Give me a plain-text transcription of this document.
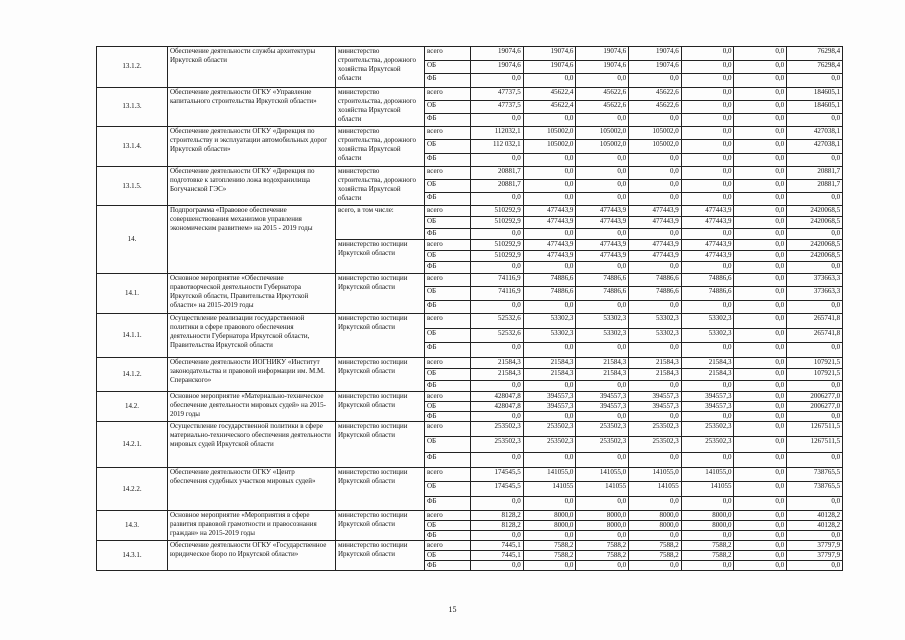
13.1.2.	Обеспечение деятельности службы архитектуры Иркутской области	министерство строительства, дорожного хозяйства Иркутской области	всего	19074,6	19074,6	19074,6	19074,6	0,0	0,0	76298,4
			ОБ	19074,6	19074,6	19074,6	19074,6	0,0	0,0	76298,4
			ФБ	0,0	0,0	0,0	0,0	0,0	0,0	0,0
13.1.3.	Обеспечение деятельности ОГКУ «Управление капитального строительства Иркутской области»	министерство строительства, дорожного хозяйства Иркутской области	всего	47737,5	45622,4	45622,6	45622,6	0,0	0,0	184605,1
			ОБ	47737,5	45622,4	45622,6	45622,6	0,0	0,0	184605,1
			ФБ	0,0	0,0	0,0	0,0	0,0	0,0	0,0
13.1.4.	Обеспечение деятельности ОГКУ «Дирекция по строительству и эксплуатации автомобильных дорог Иркутской области»	министерство строительства, дорожного хозяйства Иркутской области	всего	112032,1	105002,0	105002,0	105002,0	0,0	0,0	427038,1
			ОБ	112 032,1	105002,0	105002,0	105002,0	0,0	0,0	427038,1
			ФБ	0,0	0,0	0,0	0,0	0,0	0,0	0,0
13.1.5.	Обеспечение деятельности ОГКУ «Дирекция по подготовке к затоплению ложа водохранилища Богучанской ГЭС»	министерство строительства, дорожного хозяйства Иркутской области	всего	20881,7	0,0	0,0	0,0	0,0	0,0	20881,7
			ОБ	20881,7	0,0	0,0	0,0	0,0	0,0	20881,7
			ФБ	0,0	0,0	0,0	0,0	0,0	0,0	0,0
14.	Подпрограмма «Правовое обеспечение совершенствования механизмов управления экономическим развитием» на 2015 - 2019 годы	всего, в том числе:	всего	510292,9	477443,9	477443,9	477443,9	477443,9	0,0	2420068,5
			ОБ	510292,9	477443,9	477443,9	477443,9	477443,9	0,0	2420068,5
			ФБ	0,0	0,0	0,0	0,0	0,0	0,0	0,0
		министерство юстиции Иркутской области	всего	510292,9	477443,9	477443,9	477443,9	477443,9	0,0	2420068,5
			ОБ	510292,9	477443,9	477443,9	477443,9	477443,9	0,0	2420068,5
			ФБ	0,0	0,0	0,0	0,0	0,0	0,0	0,0
14.1.	Основное мероприятие «Обеспечение правотворческой деятельности Губернатора Иркутской области, Правительства Иркутской области» на 2015-2019 годы	министерство юстиции Иркутской области	всего	74116,9	74886,6	74886,6	74886,6	74886,6	0,0	373663,3
			ОБ	74116,9	74886,6	74886,6	74886,6	74886,6	0,0	373663,3
			ФБ	0,0	0,0	0,0	0,0	0,0	0,0	0,0
14.1.1.	Осуществление реализации государственной политики в сфере правового обеспечения деятельности Губернатора Иркутской области, Правительства Иркутской области	министерство юстиции Иркутской области	всего	52532,6	53302,3	53302,3	53302,3	53302,3	0,0	265741,8
			ОБ	52532,6	53302,3	53302,3	53302,3	53302,3	0,0	265741,8
			ФБ	0,0	0,0	0,0	0,0	0,0	0,0	0,0
14.1.2.	Обеспечение деятельности ИОГНИКУ «Институт законодательства и правовой информации им. М.М. Сперанского»	министерство юстиции Иркутской области	всего	21584,3	21584,3	21584,3	21584,3	21584,3	0,0	107921,5
			ОБ	21584,3	21584,3	21584,3	21584,3	21584,3	0,0	107921,5
			ФБ	0,0	0,0	0,0	0,0	0,0	0,0	0,0
14.2.	Основное мероприятие «Материально-техническое обеспечение деятельности мировых судей» на 2015-2019 годы	министерство юстиции Иркутской области	всего	428047,8	394557,3	394557,3	394557,3	394557,3	0,0	2006277,0
			ОБ	428047,8	394557,3	394557,3	394557,3	394557,3	0,0	2006277,0
			ФБ	0,0	0,0	0,0	0,0	0,0	0,0	0,0
14.2.1.	Осуществление государственной политики в сфере материально-технического обеспечения деятельности мировых судей Иркутской области	министерство юстиции Иркутской области	всего	253502,3	253502,3	253502,3	253502,3	253502,3	0,0	1267511,5
			ОБ	253502,3	253502,3	253502,3	253502,3	253502,3	0,0	1267511,5
			ФБ	0,0	0,0	0,0	0,0	0,0	0,0	0,0
14.2.2.	Обеспечение деятельности ОГКУ «Центр обеспечения судебных участков мировых судей»	министерство юстиции Иркутской области	всего	174545,5	141055,0	141055,0	141055,0	141055,0	0,0	738765,5
			ОБ	174545,5	141055	141055	141055	141055	0,0	738765,5
			ФБ	0,0	0,0	0,0	0,0	0,0	0,0	0,0
14.3.	Основное мероприятие «Мероприятия в сфере развития правовой грамотности и правосознания граждан» на 2015-2019 годы	министерство юстиции Иркутской области	всего	8128,2	8000,0	8000,0	8000,0	8000,0	0,0	40128,2
			ОБ	8128,2	8000,0	8000,0	8000,0	8000,0	0,0	40128,2
			ФБ	0,0	0,0	0,0	0,0	0,0	0,0	0,0
14.3.1.	Обеспечение деятельности ОГКУ «Государственное юридическое бюро по Иркутской области»	министерство юстиции Иркутской области	всего	7445,1	7588,2	7588,2	7588,2	7588,2	0,0	37797,9
			ОБ	7445,1	7588,2	7588,2	7588,2	7588,2	0,0	37797,9
			ФБ	0,0	0,0	0,0	0,0	0,0	0,0	0,0
15
